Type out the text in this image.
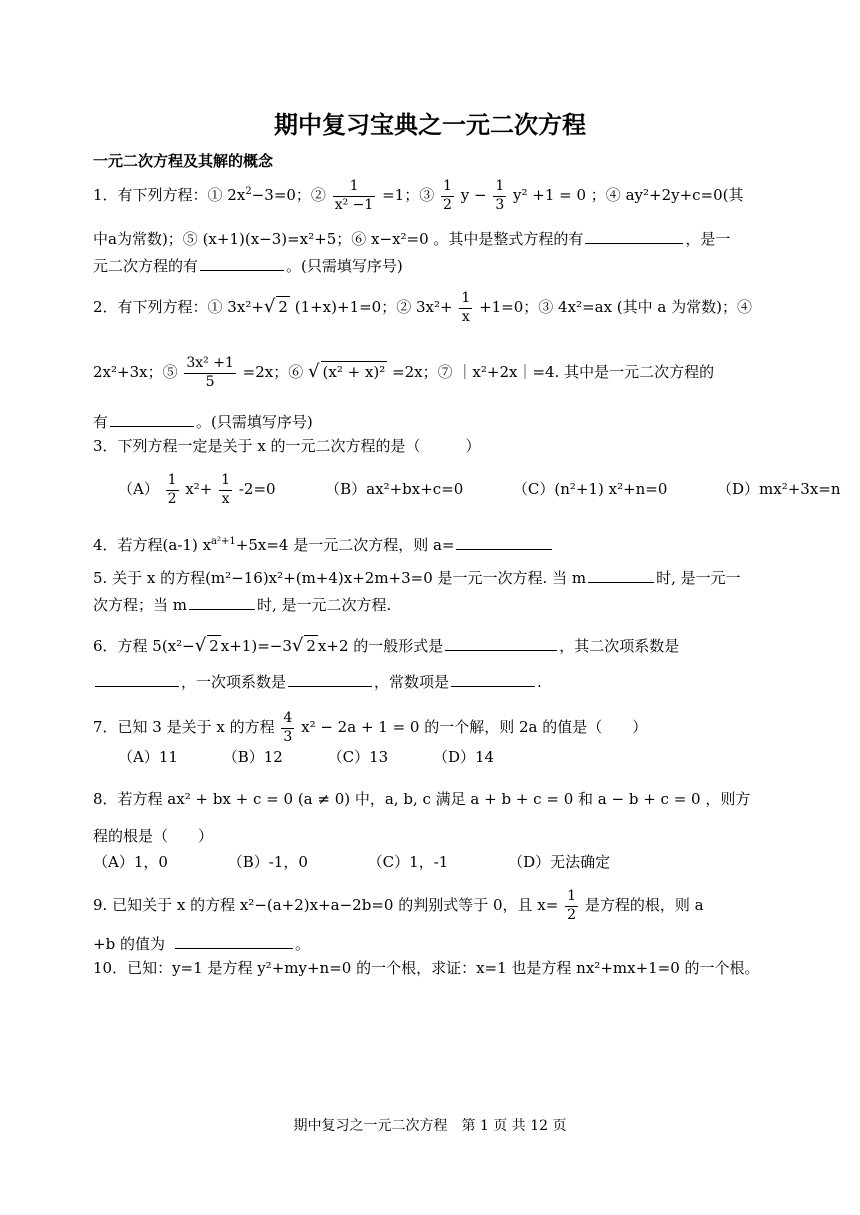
期中复习宝典之一元二次方程
一元二次方程及其解的概念
1．有下列方程：① $2x^2-3=0$；② $\frac{1}{\text{x² −1}} =1$；③ $\frac{1}{2}$ $y - \frac{1}{3} y^2 +1 = 0$ ；④ ay²+2y+c=0(其
中a为常数)；⑤ (x+1)(x−3)=x²+5；⑥ x−x²=0 。其中是整式方程的有	，是一
元二次方程的有	。(只需填写序号)
2．有下列方程：① 3x²+√ 2 (1+x)+1=0；② $3x^2+ \frac{1}{x} +1=0$；③ 4x²=ax (其中 a 为常数)；④
2x²+3x；⑤ $\frac{\text{3x² +1}}{5} =2x$；⑥ √ (x² + x)² =2x；⑦ ｜x²+2x｜=4. 其中是一元二次方程的
有	。(只需填写序号)
3．下列方程一定是关于 x 的一元二次方程的是（　　　）
$(A) \frac{1}{2} x^2+ \frac{1}{x} -2=0$	（B）ax²+bx+c=0	（C）(n²+1) x²+n=0	（D）mx²+3x=n
4．若方程(a-1) $x^{a^2+1}+5x=4$ 是一元二次方程，则 a=
5. 关于 x 的方程(m²−16)x²+(m+4)x+2m+3=0 是一元一次方程. 当 m	时, 是一元一
次方程；当 m	时, 是一元二次方程.
6．方程 5(x²−√ 2 x+1)=−3√ 2 x+2 的一般形式是	，其二次项系数是
，一次项系数是	，常数项是	.
7．已知 3 是关于 x 的方程 $\frac{4}{3} x^2 - 2a + 1 = 0$ 的一个解，则 2a 的值是（　　）
（A）11	（B）12	（C）13	（D）14
8．若方程 ax² + bx + c = 0 (a ≠ 0) 中，a, b, c 满足 a + b + c = 0 和 a − b + c = 0 ，则方
程的根是（　　）
（A）1，0	（B）-1，0	（C）1，-1	（D）无法确定
9. 已知关于 x 的方程 x²−(a+2)x+a−2b=0 的判别式等于 0，且 $x= \frac{1}{2}$ 是方程的根，则 a
+b 的值为	。
10．已知：y=1 是方程 y²+my+n=0 的一个根，求证：x=1 也是方程 nx²+mx+1=0 的一个根。
期中复习之一元二次方程　第 1 页 共 12 页
